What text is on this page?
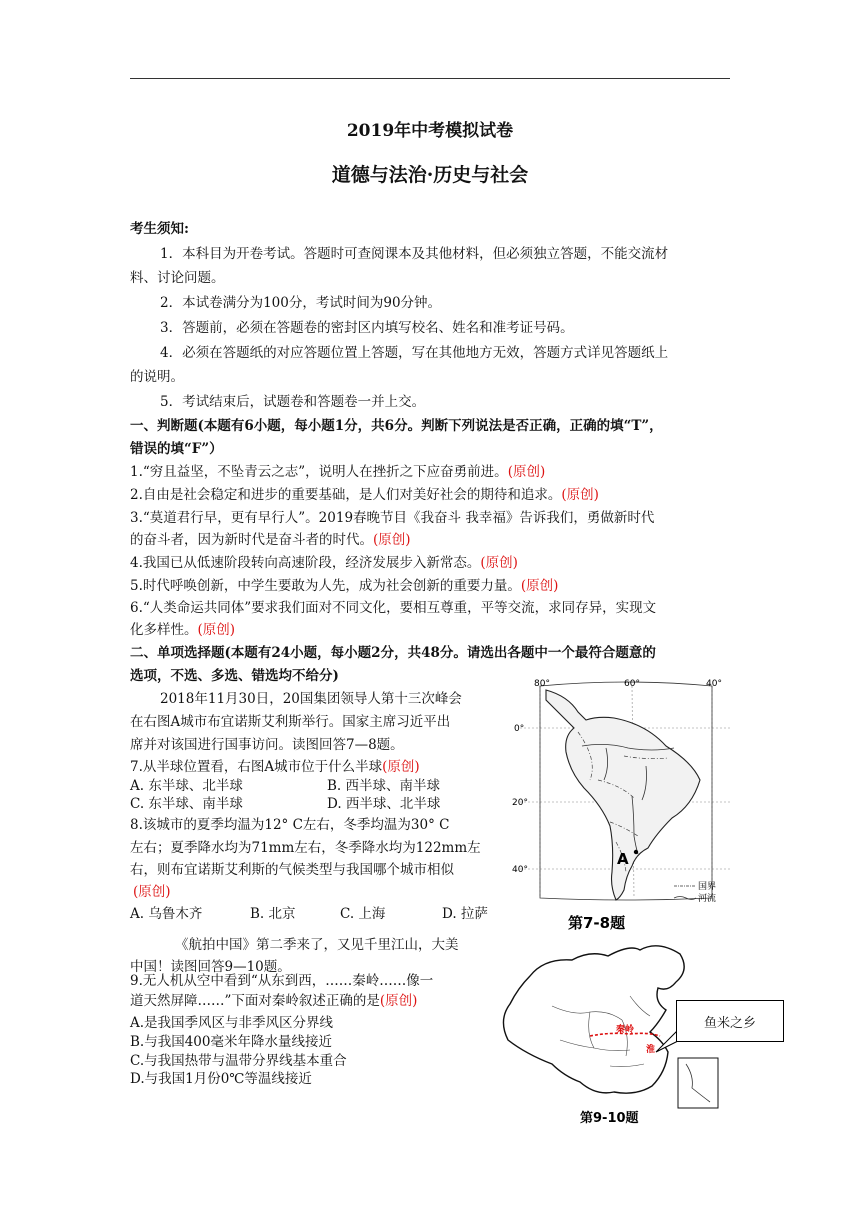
2019年中考模拟试卷
道德与法治·历史与社会
考生须知:
1．本科目为开卷考试。答题时可查阅课本及其他材料，但必须独立答题，不能交流材
料、讨论问题。
2．本试卷满分为100分，考试时间为90分钟。
3．答题前，必须在答题卷的密封区内填写校名、姓名和准考证号码。
4．必须在答题纸的对应答题位置上答题，写在其他地方无效，答题方式详见答题纸上
的说明。
5．考试结束后，试题卷和答题卷一并上交。
一、判断题(本题有6小题，每小题1分，共6分。判断下列说法是否正确，正确的填“T”，
错误的填“F”）
1.“穷且益坚，不坠青云之志”，说明人在挫折之下应奋勇前进。(原创)
2.自由是社会稳定和进步的重要基础，是人们对美好社会的期待和追求。(原创)
3.“莫道君行早，更有早行人”。2019春晚节目《我奋斗 我幸福》告诉我们，勇做新时代
的奋斗者，因为新时代是奋斗者的时代。(原创)
4.我国已从低速阶段转向高速阶段，经济发展步入新常态。(原创)
5.时代呼唤创新，中学生要敢为人先，成为社会创新的重要力量。(原创)
6.“人类命运共同体”要求我们面对不同文化，要相互尊重，平等交流，求同存异，实现文
化多样性。(原创)
二、单项选择题(本题有24小题，每小题2分，共48分。请选出各题中一个最符合题意的
选项，不选、多选、错选均不给分)
2018年11月30日，20国集团领导人第十三次峰会
在右图A城市布宜诺斯艾利斯举行。国家主席习近平出
席并对该国进行国事访问。读图回答7—8题。
7.从半球位置看，右图A城市位于什么半球(原创)
A. 东半球、北半球	B. 西半球、南半球
C. 东半球、南半球	D. 西半球、北半球
8.该城市的夏季均温为12° C左右，冬季均温为30° C
左右；夏季降水均为71mm左右，冬季降水均为122mm左
右，则布宜诺斯艾利斯的气候类型与我国哪个城市相似
(原创)
A. 乌鲁木齐	B. 北京	C. 上海	D. 拉萨
《航拍中国》第二季来了，又见千里江山，大美
中国！读图回答9—10题。
9.无人机从空中看到“从东到西，……秦岭……像一
道天然屏障……”下面对秦岭叙述正确的是(原创)
A.是我国季风区与非季风区分界线
B.与我国400毫米年降水量线接近
C.与我国热带与温带分界线基本重合
D.与我国1月份0℃等温线接近
A
80°	60°	40°
0°
20°
40°
国界
河流
第7-8题
秦岭
淮
第9-10题
鱼米之乡
